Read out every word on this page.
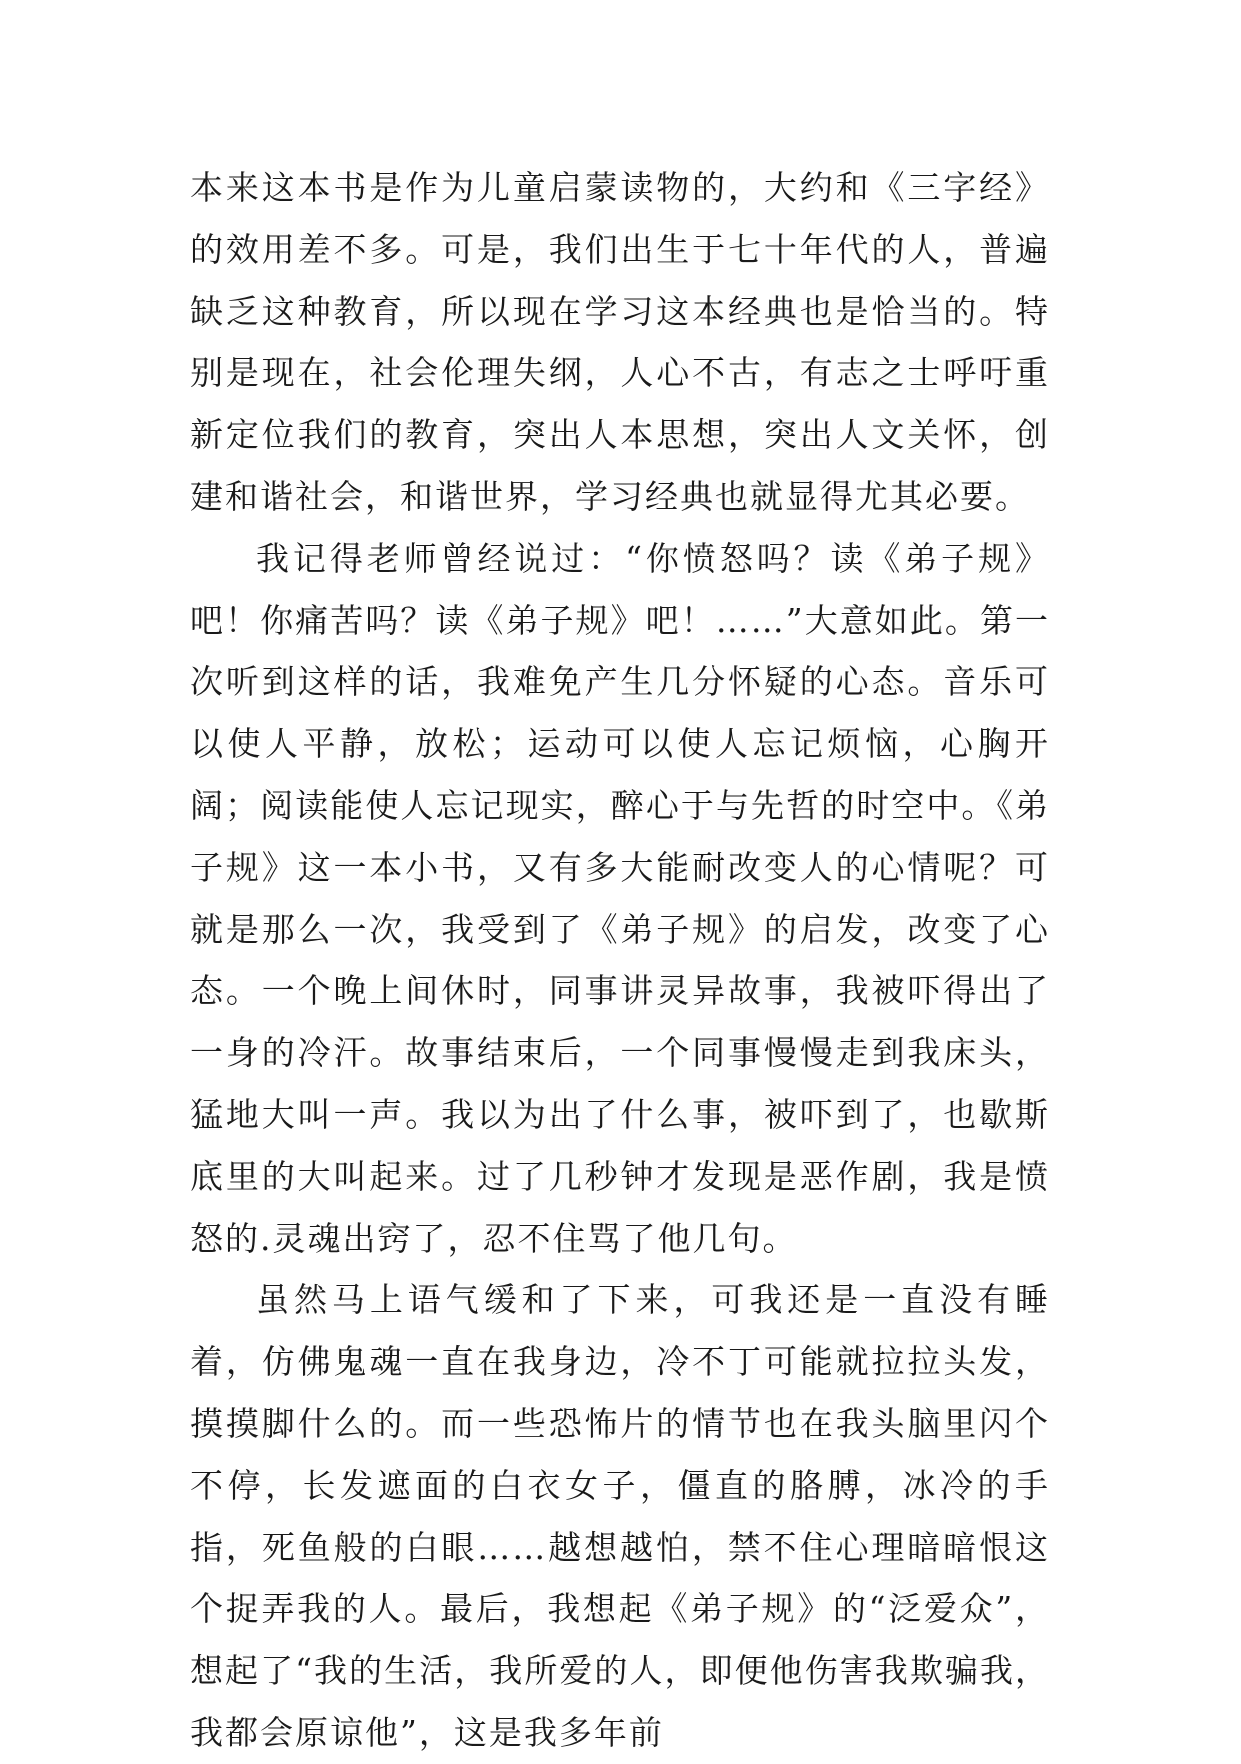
本来这本书是作为儿童启蒙读物的，大约和《三字经》的效用差不多。可是，我们出生于七十年代的人，普遍缺乏这种教育，所以现在学习这本经典也是恰当的。特别是现在，社会伦理失纲，人心不古，有志之士呼吁重新定位我们的教育，突出人本思想，突出人文关怀，创建和谐社会，和谐世界，学习经典也就显得尤其必要。

我记得老师曾经说过：“你愤怒吗？读《弟子规》吧！你痛苦吗？读《弟子规》吧！……”大意如此。第一次听到这样的话，我难免产生几分怀疑的心态。音乐可以使人平静，放松；运动可以使人忘记烦恼，心胸开阔；阅读能使人忘记现实，醉心于与先哲的时空中。《弟子规》这一本小书，又有多大能耐改变人的心情呢？可就是那么一次，我受到了《弟子规》的启发，改变了心态。一个晚上间休时，同事讲灵异故事，我被吓得出了一身的冷汗。故事结束后，一个同事慢慢走到我床头，猛地大叫一声。我以为出了什么事，被吓到了，也歇斯底里的大叫起来。过了几秒钟才发现是恶作剧，我是愤怒的.灵魂出窍了，忍不住骂了他几句。

虽然马上语气缓和了下来，可我还是一直没有睡着，仿佛鬼魂一直在我身边，冷不丁可能就拉拉头发，摸摸脚什么的。而一些恐怖片的情节也在我头脑里闪个不停，长发遮面的白衣女子，僵直的胳膊，冰冷的手指，死鱼般的白眼……越想越怕，禁不住心理暗暗恨这个捉弄我的人。最后，我想起《弟子规》的“泛爱众”，想起了“我的生活，我所爱的人，即便他伤害我欺骗我，我都会原谅他”，这是我多年前
